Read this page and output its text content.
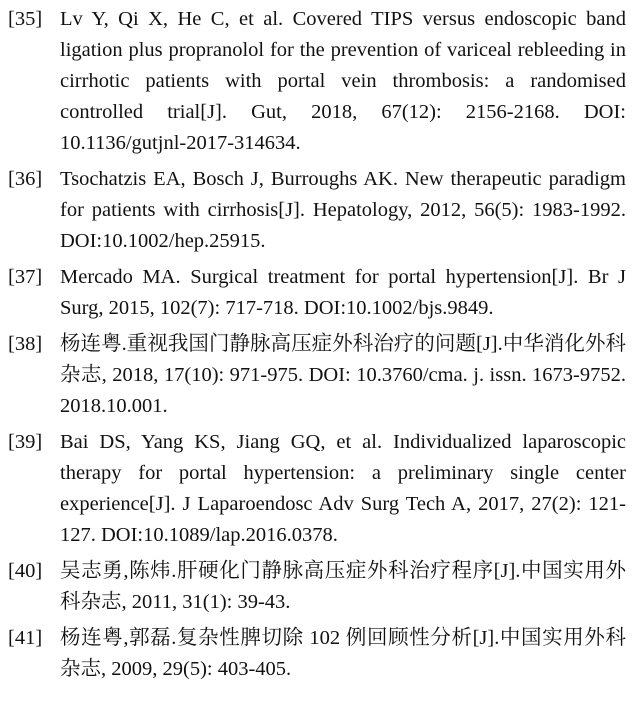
[35] Lv Y, Qi X, He C, et al. Covered TIPS versus endoscopic band ligation plus propranolol for the prevention of variceal rebleeding in cirrhotic patients with portal vein thrombosis: a randomised controlled trial[J]. Gut, 2018, 67(12): 2156-2168. DOI: 10.1136/gutjnl-2017-314634.
[36] Tsochatzis EA, Bosch J, Burroughs AK. New therapeutic paradigm for patients with cirrhosis[J]. Hepatology, 2012, 56(5): 1983-1992. DOI:10.1002/hep.25915.
[37] Mercado MA. Surgical treatment for portal hypertension[J]. Br J Surg, 2015, 102(7): 717-718. DOI:10.1002/bjs.9849.
[38] 杨连粤.重视我国门静脉高压症外科治疗的问题[J].中华消化外科杂志, 2018, 17(10): 971-975. DOI: 10.3760/cma. j. issn. 1673-9752.2018.10.001.
[39] Bai DS, Yang KS, Jiang GQ, et al. Individualized laparoscopic therapy for portal hypertension: a preliminary single center experience[J]. J Laparoendosc Adv Surg Tech A, 2017, 27(2): 121-127. DOI:10.1089/lap.2016.0378.
[40] 吴志勇,陈炜.肝硬化门静脉高压症外科治疗程序[J].中国实用外科杂志, 2011, 31(1): 39-43.
[41] 杨连粤,郭磊.复杂性脾切除 102 例回顾性分析[J].中国实用外科杂志, 2009, 29(5): 403-405.
